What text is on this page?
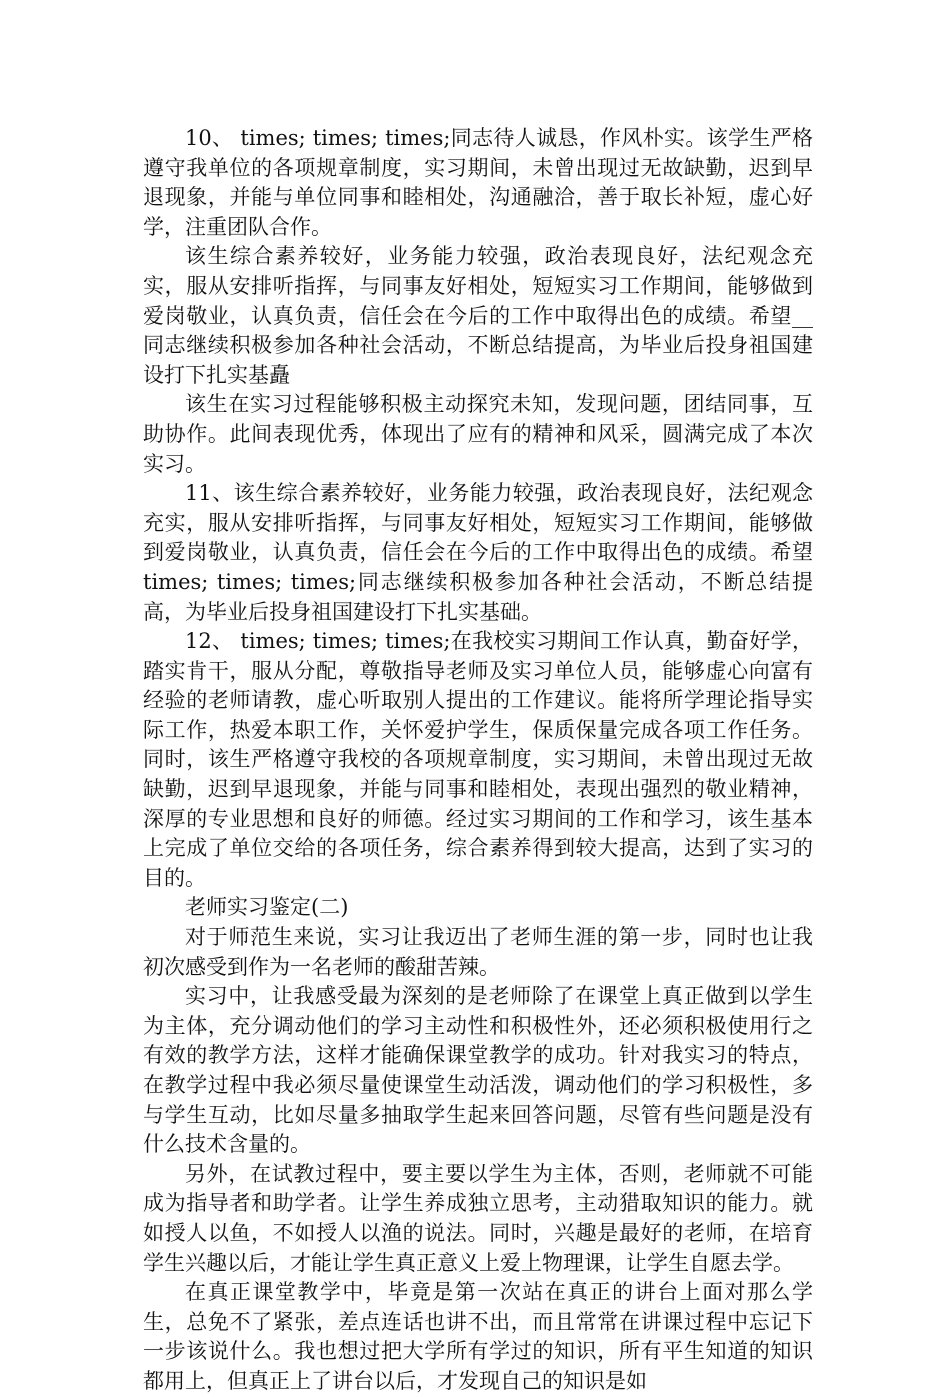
10、 times; times; times;同志待人诚恳，作风朴实。该学生严格遵守我单位的各项规章制度，实习期间，未曾出现过无故缺勤，迟到早退现象，并能与单位同事和睦相处，沟通融洽，善于取长补短，虚心好学，注重团队合作。

该生综合素养较好，业务能力较强，政治表现良好，法纪观念充实，服从安排听指挥，与同事友好相处，短短实习工作期间，能够做到爱岗敬业，认真负责，信任会在今后的工作中取得出色的成绩。希望__同志继续积极参加各种社会活动，不断总结提高，为毕业后投身祖国建设打下扎实基矗

该生在实习过程能够积极主动探究未知，发现问题，团结同事，互助协作。此间表现优秀，体现出了应有的精神和风采，圆满完成了本次实习。

11、该生综合素养较好，业务能力较强，政治表现良好，法纪观念充实，服从安排听指挥，与同事友好相处，短短实习工作期间，能够做到爱岗敬业，认真负责，信任会在今后的工作中取得出色的成绩。希望 times; times; times;同志继续积极参加各种社会活动，不断总结提高，为毕业后投身祖国建设打下扎实基础。

12、 times; times; times;在我校实习期间工作认真，勤奋好学，踏实肯干，服从分配，尊敬指导老师及实习单位人员，能够虚心向富有经验的老师请教，虚心听取别人提出的工作建议。能将所学理论指导实际工作，热爱本职工作，关怀爱护学生，保质保量完成各项工作任务。同时，该生严格遵守我校的各项规章制度，实习期间，未曾出现过无故缺勤，迟到早退现象，并能与同事和睦相处，表现出强烈的敬业精神，深厚的专业思想和良好的师德。经过实习期间的工作和学习，该生基本上完成了单位交给的各项任务，综合素养得到较大提高，达到了实习的目的。

老师实习鉴定(二)

对于师范生来说，实习让我迈出了老师生涯的第一步，同时也让我初次感受到作为一名老师的酸甜苦辣。

实习中，让我感受最为深刻的是老师除了在课堂上真正做到以学生为主体，充分调动他们的学习主动性和积极性外，还必须积极使用行之有效的教学方法，这样才能确保课堂教学的成功。针对我实习的特点，在教学过程中我必须尽量使课堂生动活泼，调动他们的学习积极性，多与学生互动，比如尽量多抽取学生起来回答问题，尽管有些问题是没有什么技术含量的。

另外，在试教过程中，要主要以学生为主体，否则，老师就不可能成为指导者和助学者。让学生养成独立思考，主动猎取知识的能力。就如授人以鱼，不如授人以渔的说法。同时，兴趣是最好的老师，在培育学生兴趣以后，才能让学生真正意义上爱上物理课，让学生自愿去学。

在真正课堂教学中，毕竟是第一次站在真正的讲台上面对那么学生，总免不了紧张，差点连话也讲不出，而且常常在讲课过程中忘记下一步该说什么。我也想过把大学所有学过的知识，所有平生知道的知识都用上，但真正上了讲台以后，才发现自己的知识是如
